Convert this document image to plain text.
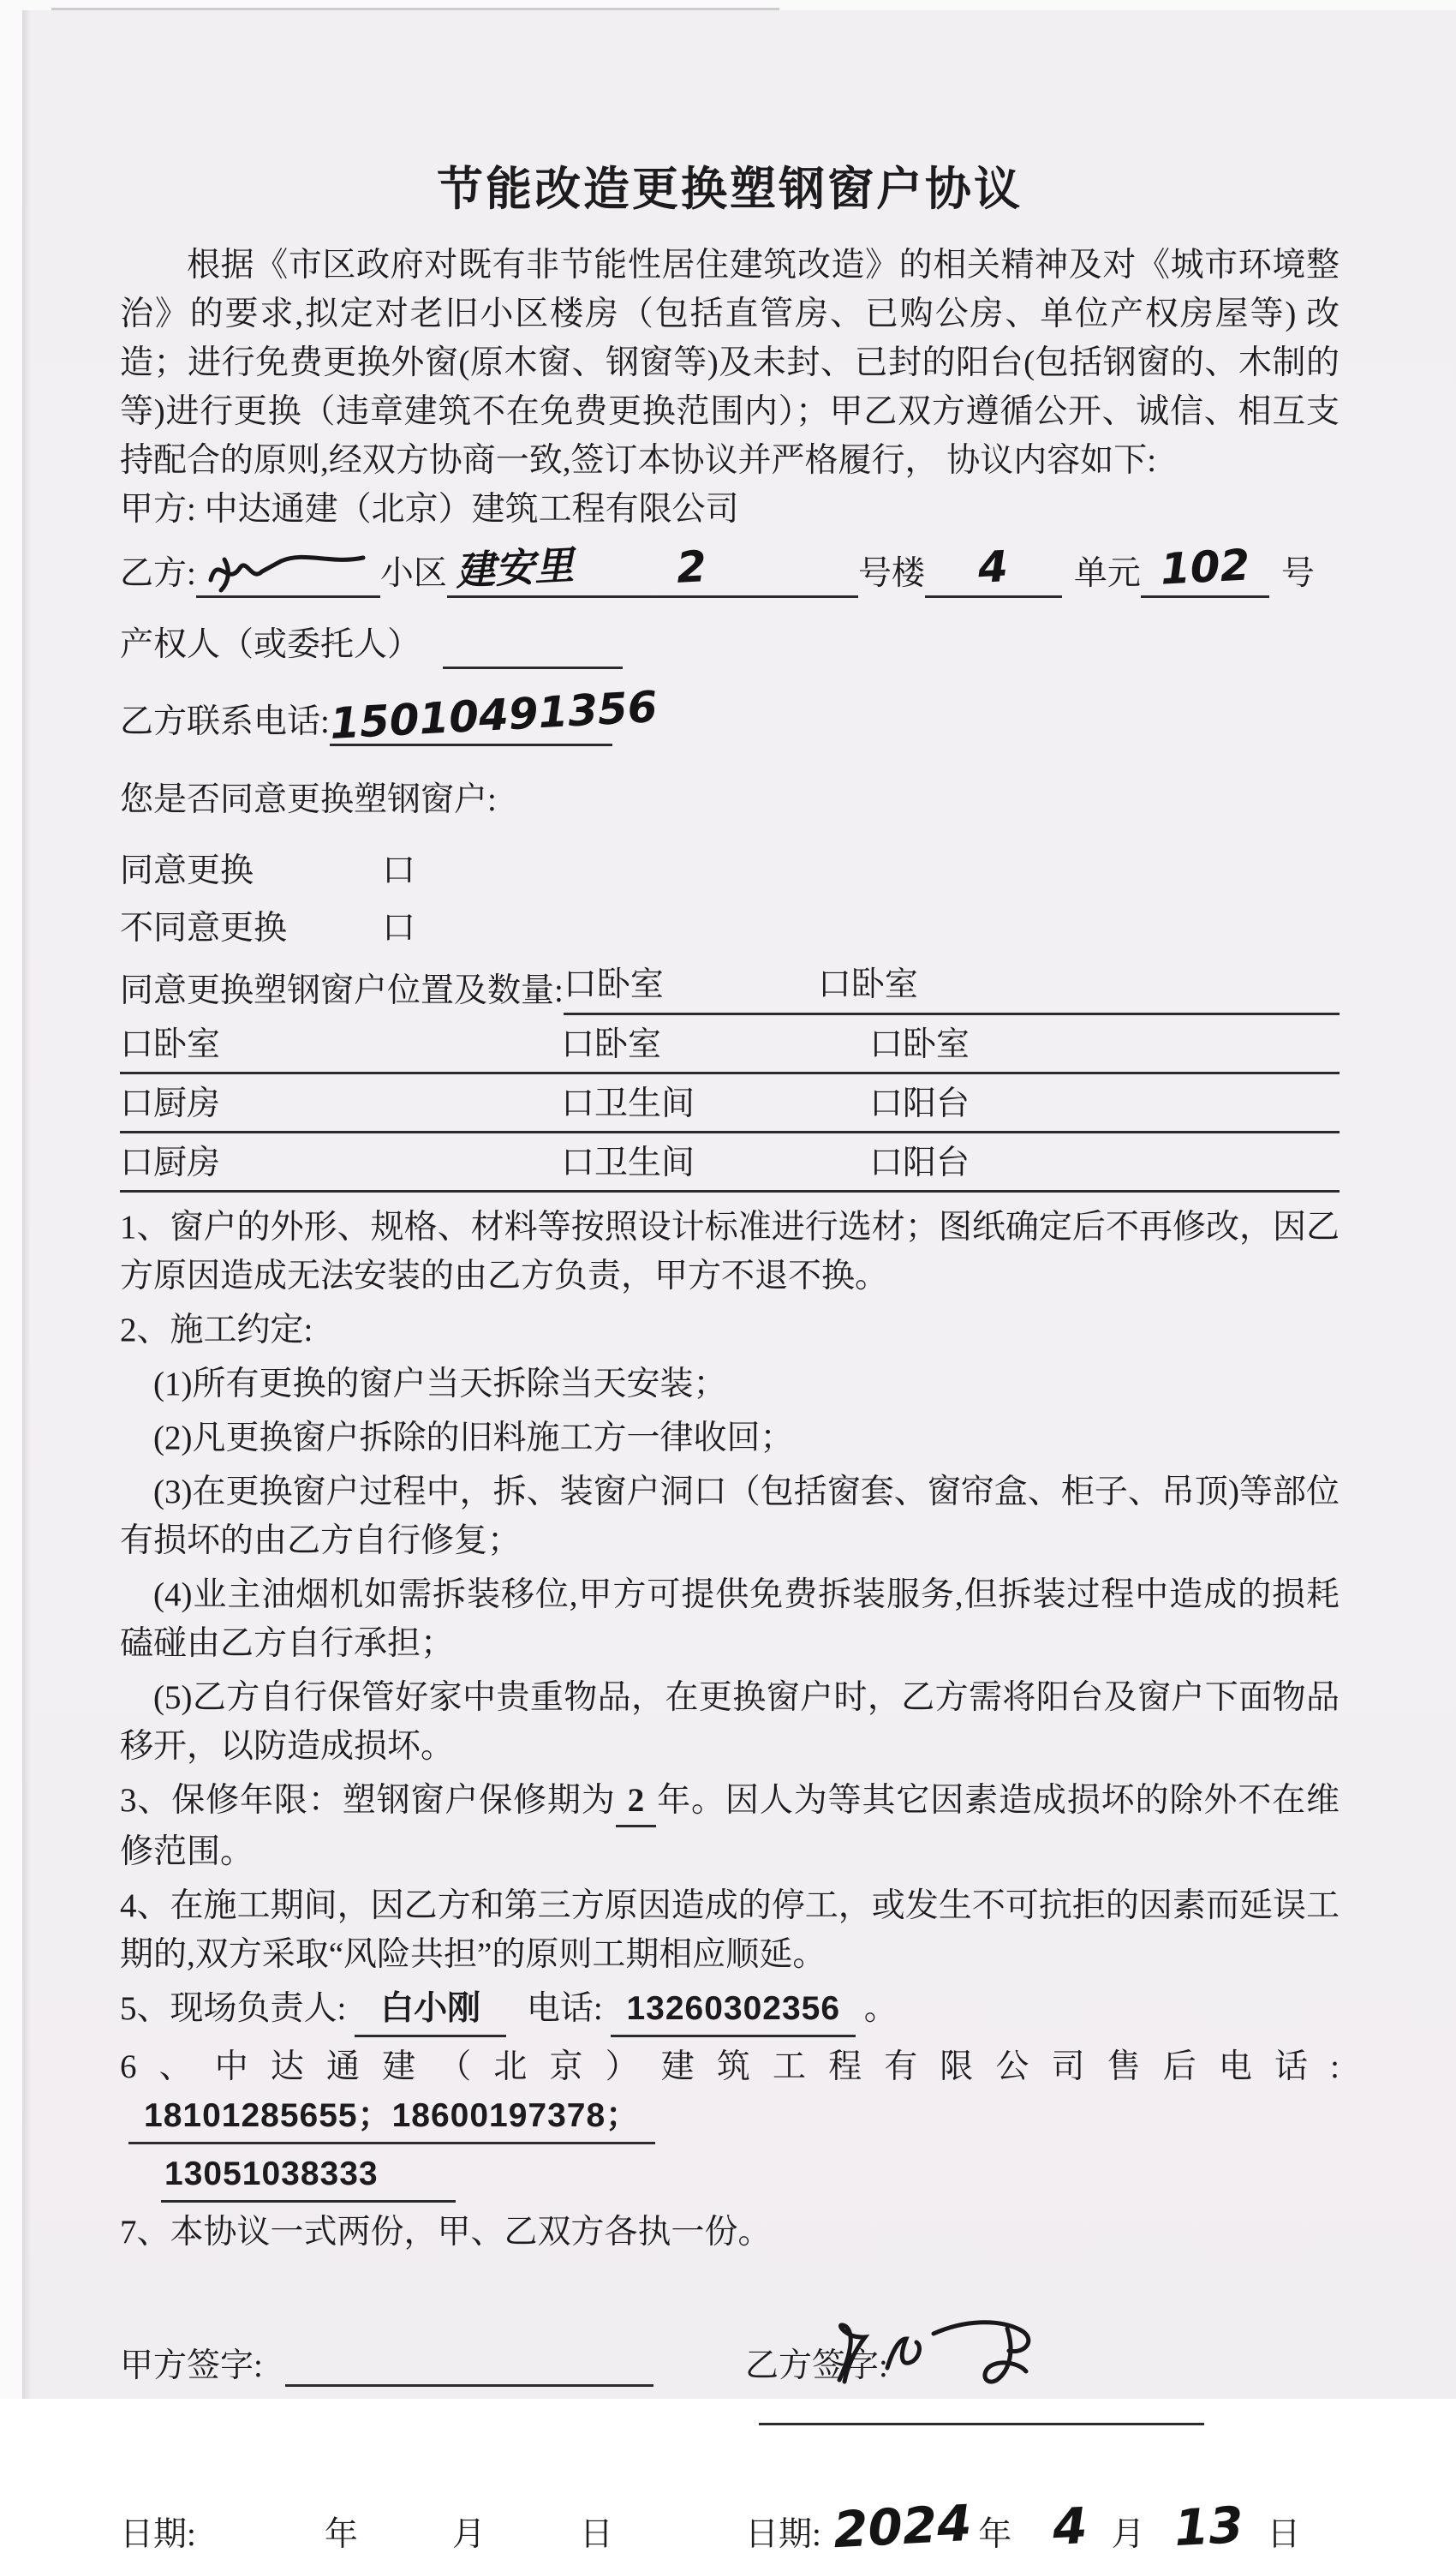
节能改造更换塑钢窗户协议

根据《市区政府对既有非节能性居住建筑改造》的相关精神及对《城市环境整治》的要求,拟定对老旧小区楼房（包括直管房、已购公房、单位产权房屋等) 改造；进行免费更换外窗(原木窗、钢窗等)及未封、已封的阳台(包括钢窗的、木制的等)进行更换（违章建筑不在免费更换范围内）；甲乙双方遵循公开、诚信、相互支持配合的原则,经双方协商一致,签订本协议并严格履行， 协议内容如下:

甲方: 中达通建（北京）建筑工程有限公司
乙方:	小区 建安里 2	号楼	4	单元 102 号
产权人（或委托人）
乙方联系电话:
15010491356
您是否同意更换塑钢窗户:
同意更换	口
不同意更换	口
同意更换塑钢窗户位置及数量: 口卧室	口卧室
口卧室	口卧室	口卧室
口厨房	口卫生间	口阳台
口厨房	口卫生间	口阳台

1、窗户的外形、规格、材料等按照设计标准进行选材；图纸确定后不再修改，因乙方原因造成无法安装的由乙方负责，甲方不退不换。

2、施工约定:

(1)所有更换的窗户当天拆除当天安装；

(2)凡更换窗户拆除的旧料施工方一律收回；

(3)在更换窗户过程中，拆、装窗户洞口（包括窗套、窗帘盒、柜子、吊顶)等部位有损坏的由乙方自行修复；

(4)业主油烟机如需拆装移位,甲方可提供免费拆装服务,但拆装过程中造成的损耗磕碰由乙方自行承担；

(5)乙方自行保管好家中贵重物品，在更换窗户时，乙方需将阳台及窗户下面物品移开，以防造成损坏。

3、保修年限：塑钢窗户保修期为 2 年。因人为等其它因素造成损坏的除外不在维修范围。

4、在施工期间，因乙方和第三方原因造成的停工，或发生不可抗拒的因素而延误工期的,双方采取“风险共担”的原则工期相应顺延。

5、现场负责人: 白小刚 电话: 13260302356 。

6、中达通建（北京）建筑工程有限公司售后电话: 18101285655；18600197378；

13051038333

7、本协议一式两份，甲、乙双方各执一份。

甲方签字:	乙方签字:
日期:	年	月	日	日期: 2024 年 4 月 13 日
